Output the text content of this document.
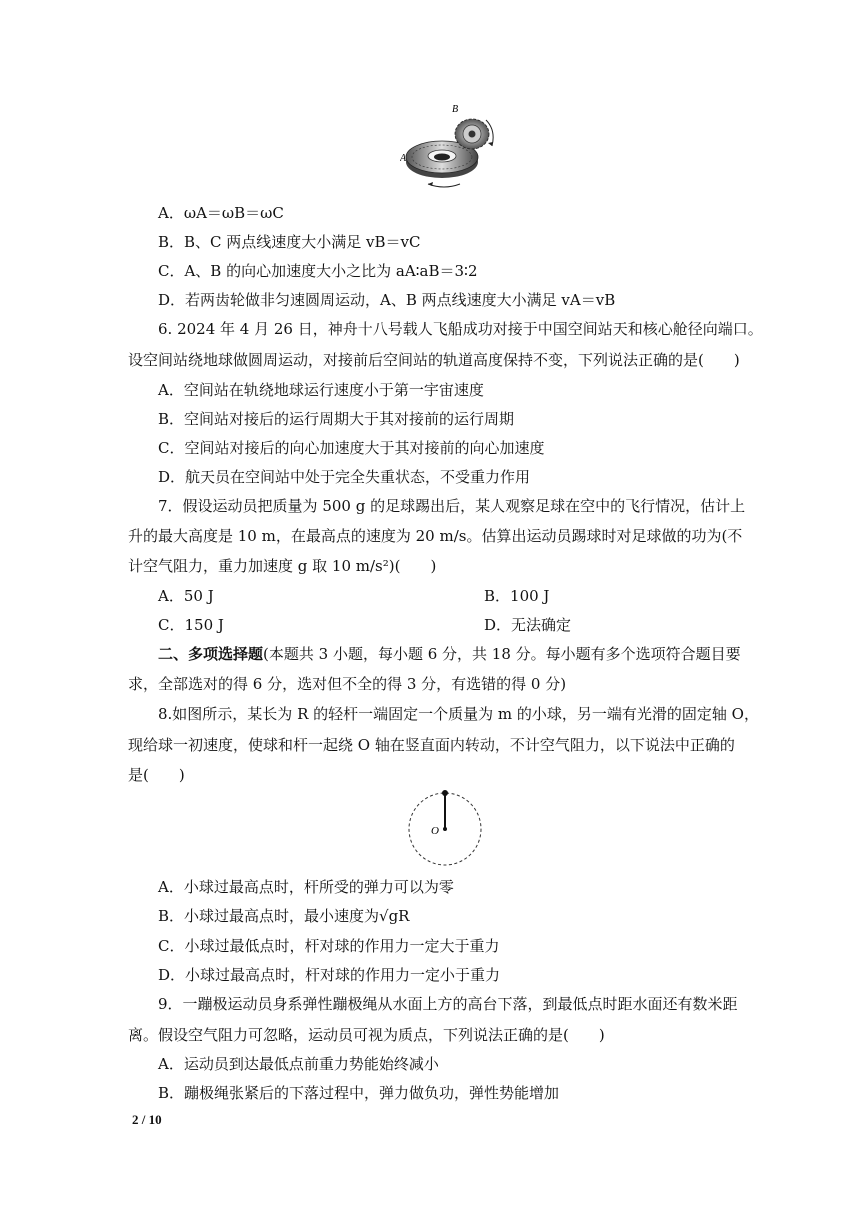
A
B
A．ωA＝ωB＝ωC
B．B、C 两点线速度大小满足 vB＝vC
C．A、B 的向心加速度大小之比为 aA∶aB＝3∶2
D．若两齿轮做非匀速圆周运动，A、B 两点线速度大小满足 vA＝vB
6. 2024 年 4 月 26 日，神舟十八号载人飞船成功对接于中国空间站天和核心舱径向端口。
设空间站绕地球做圆周运动，对接前后空间站的轨道高度保持不变，下列说法正确的是(　　)
A．空间站在轨绕地球运行速度小于第一宇宙速度
B．空间站对接后的运行周期大于其对接前的运行周期
C．空间站对接后的向心加速度大于其对接前的向心加速度
D．航天员在空间站中处于完全失重状态，不受重力作用
7．假设运动员把质量为 500 g 的足球踢出后，某人观察足球在空中的飞行情况，估计上
升的最大高度是 10 m，在最高点的速度为 20 m/s。估算出运动员踢球时对足球做的功为(不
计空气阻力，重力加速度 g 取 10 m/s²)(　　)
A．50 J	B．100 J
C．150 J	D．无法确定
二、多项选择题(本题共 3 小题，每小题 6 分，共 18 分。每小题有多个选项符合题目要
求，全部选对的得 6 分，选对但不全的得 3 分，有选错的得 0 分)
8.如图所示，某长为 R 的轻杆一端固定一个质量为 m 的小球，另一端有光滑的固定轴 O，
现给球一初速度，使球和杆一起绕 O 轴在竖直面内转动，不计空气阻力，以下说法中正确的
是(　　)
O
A．小球过最高点时，杆所受的弹力可以为零
B．小球过最高点时，最小速度为√gR
C．小球过最低点时，杆对球的作用力一定大于重力
D．小球过最高点时，杆对球的作用力一定小于重力
9．一蹦极运动员身系弹性蹦极绳从水面上方的高台下落，到最低点时距水面还有数米距
离。假设空气阻力可忽略，运动员可视为质点，下列说法正确的是(　　)
A．运动员到达最低点前重力势能始终减小
B．蹦极绳张紧后的下落过程中，弹力做负功，弹性势能增加
2 / 10
